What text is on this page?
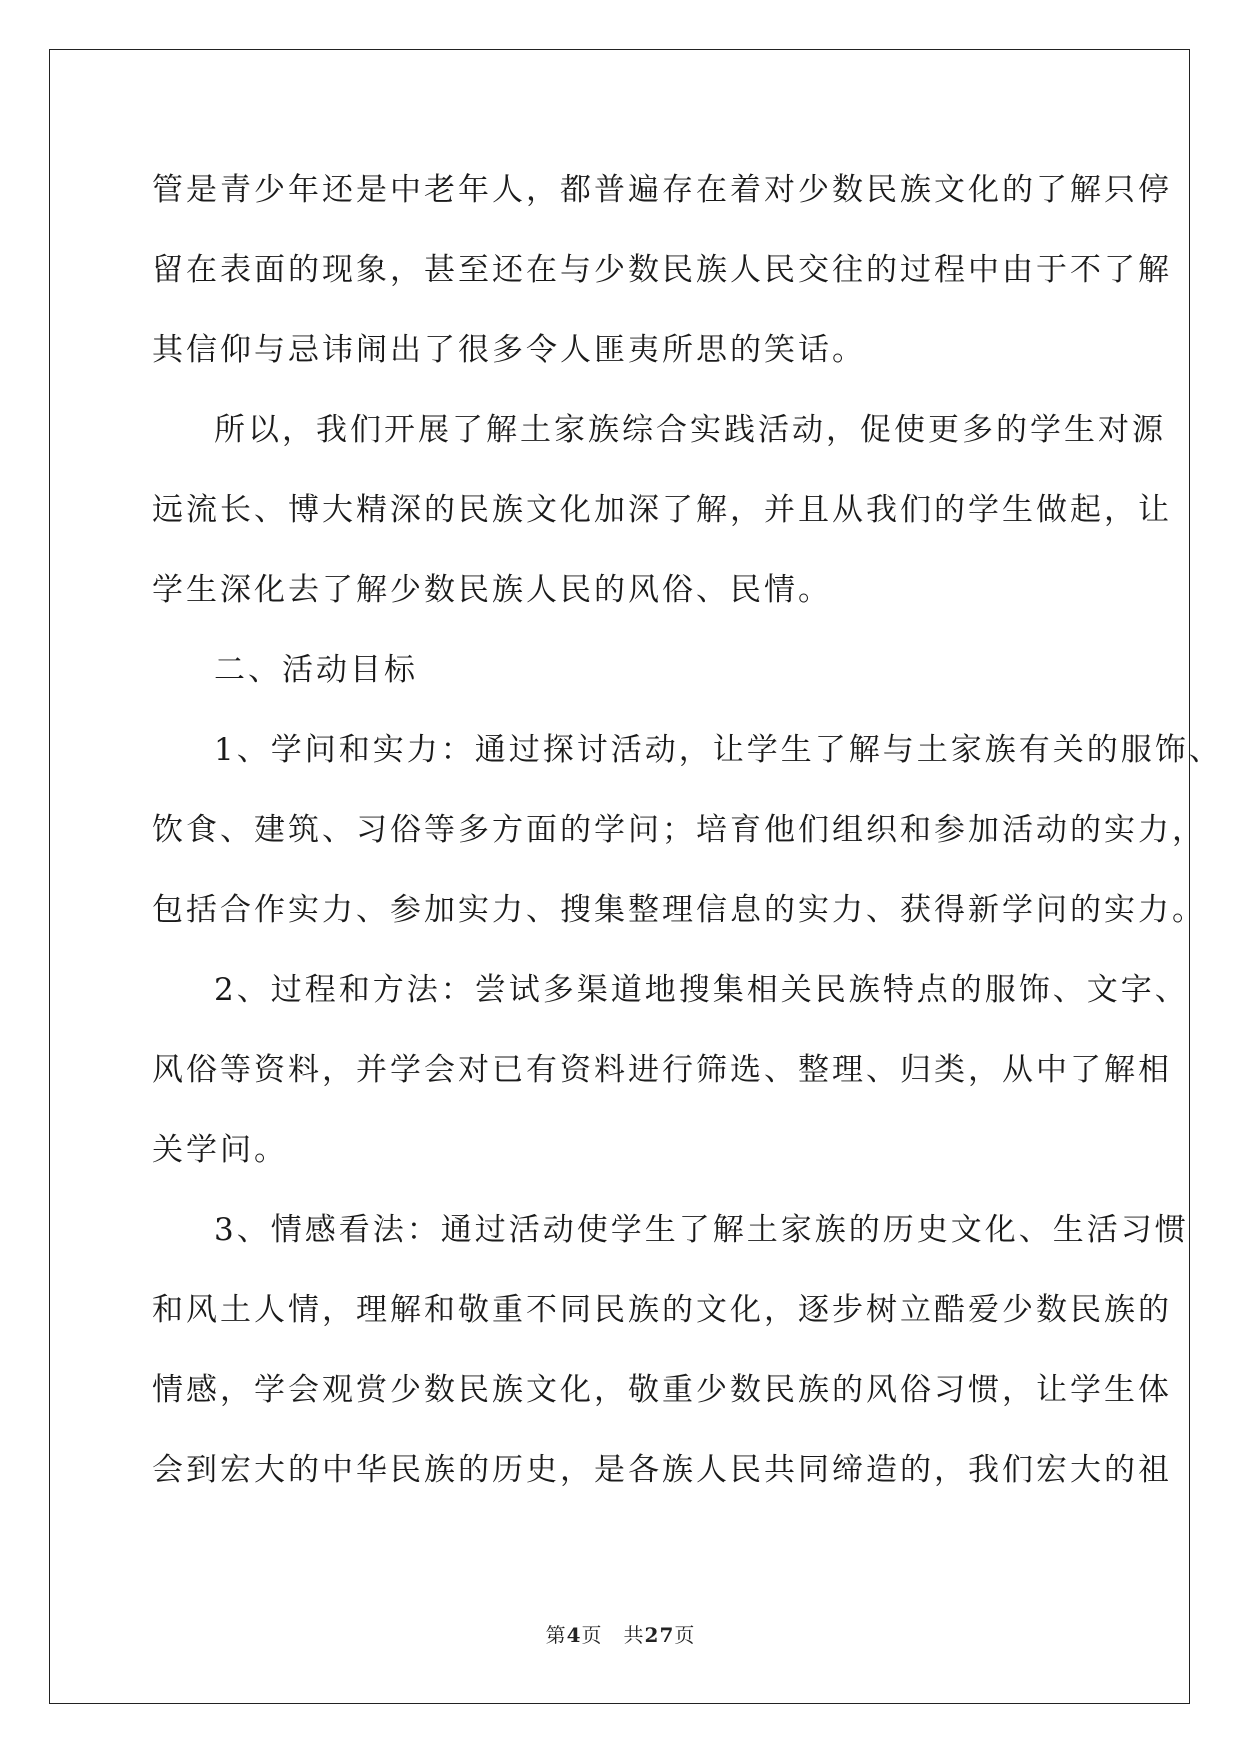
管是青少年还是中老年人，都普遍存在着对少数民族文化的了解只停
留在表面的现象，甚至还在与少数民族人民交往的过程中由于不了解
其信仰与忌讳闹出了很多令人匪夷所思的笑话。
所以，我们开展了解土家族综合实践活动，促使更多的学生对源
远流长、博大精深的民族文化加深了解，并且从我们的学生做起，让
学生深化去了解少数民族人民的风俗、民情。
二、活动目标
1、学问和实力：通过探讨活动，让学生了解与土家族有关的服饰、
饮食、建筑、习俗等多方面的学问；培育他们组织和参加活动的实力，
包括合作实力、参加实力、搜集整理信息的实力、获得新学问的实力。
2、过程和方法：尝试多渠道地搜集相关民族特点的服饰、文字、
风俗等资料，并学会对已有资料进行筛选、整理、归类，从中了解相
关学问。
3、情感看法：通过活动使学生了解土家族的历史文化、生活习惯
和风土人情，理解和敬重不同民族的文化，逐步树立酷爱少数民族的
情感，学会观赏少数民族文化，敬重少数民族的风俗习惯，让学生体
会到宏大的中华民族的历史，是各族人民共同缔造的，我们宏大的祖
第4页　 共27页
